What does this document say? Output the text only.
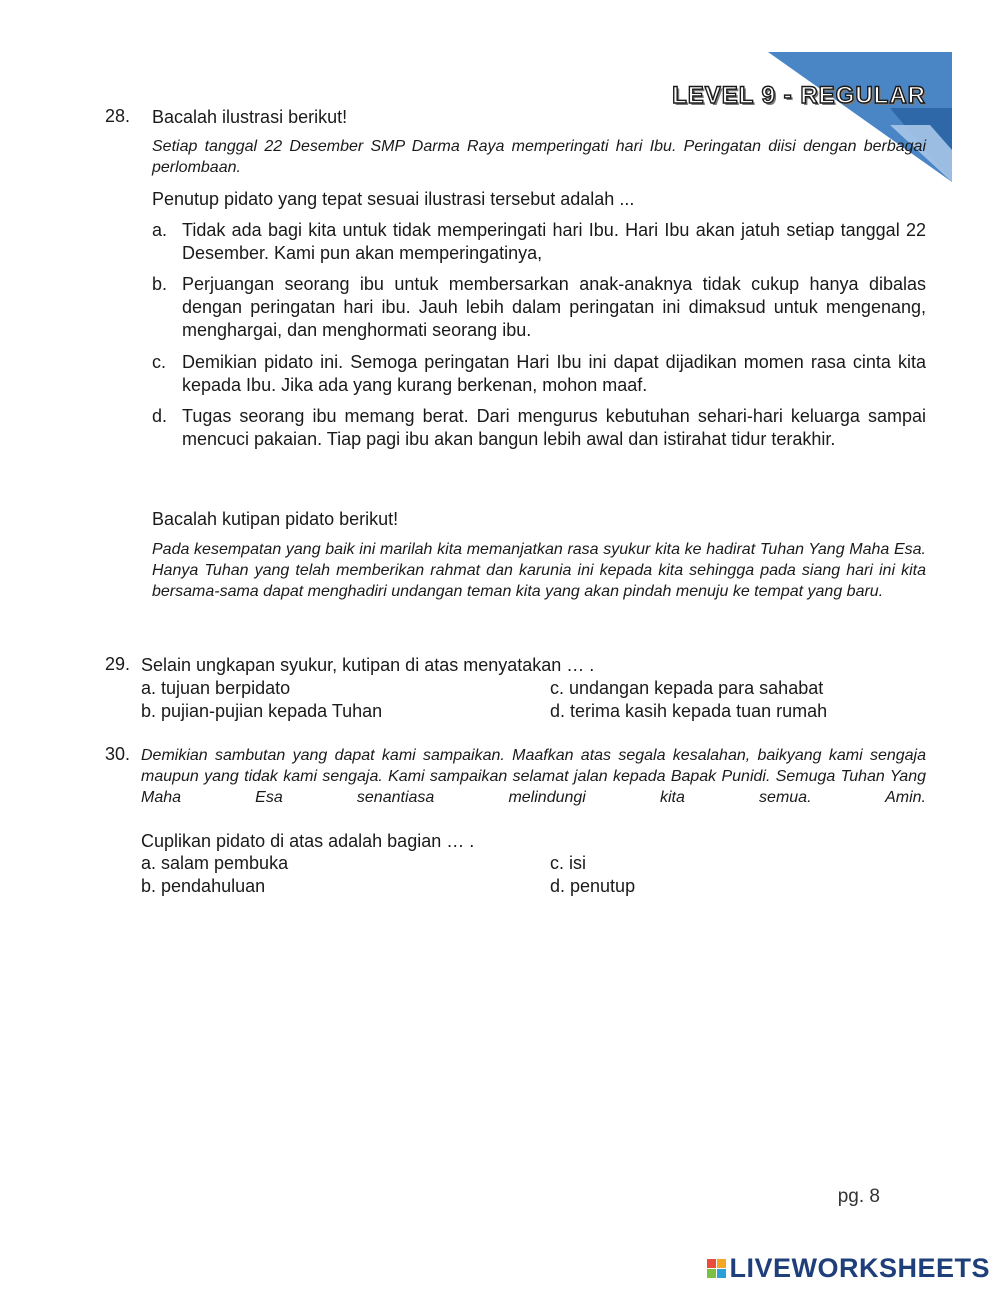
LEVEL 9 - REGULAR
28. Bacalah ilustrasi berikut!
Setiap tanggal 22 Desember SMP Darma Raya memperingati hari Ibu. Peringatan diisi dengan berbagai perlombaan.
Penutup pidato yang tepat sesuai ilustrasi tersebut adalah ...
a. Tidak ada bagi kita untuk tidak memperingati hari Ibu. Hari Ibu akan jatuh setiap tanggal 22 Desember. Kami pun akan memperingatinya,
b. Perjuangan seorang ibu untuk membersarkan anak-anaknya tidak cukup hanya dibalas dengan peringatan hari ibu. Jauh lebih dalam peringatan ini dimaksud untuk mengenang, menghargai, dan menghormati seorang ibu.
c. Demikian pidato ini. Semoga peringatan Hari Ibu ini dapat dijadikan momen rasa cinta kita kepada Ibu. Jika ada yang kurang berkenan, mohon maaf.
d. Tugas seorang ibu memang berat. Dari mengurus kebutuhan sehari-hari keluarga sampai mencuci pakaian. Tiap pagi ibu akan bangun lebih awal dan istirahat tidur terakhir.
Bacalah kutipan pidato berikut!
Pada kesempatan yang baik ini marilah kita memanjatkan rasa syukur kita ke hadirat Tuhan Yang Maha Esa. Hanya Tuhan yang telah memberikan rahmat dan karunia ini kepada kita sehingga pada siang hari ini kita bersama-sama dapat menghadiri undangan teman kita yang akan pindah menuju ke tempat yang baru.
29. Selain ungkapan syukur, kutipan di atas menyatakan … .
a. tujuan berpidato
b. pujian-pujian kepada Tuhan
c. undangan kepada para sahabat
d. terima kasih kepada tuan rumah
30. Demikian sambutan yang dapat kami sampaikan. Maafkan atas segala kesalahan, baikyang kami sengaja maupun yang tidak kami sengaja. Kami sampaikan selamat jalan kepada Bapak Punidi. Semuga Tuhan Yang Maha Esa senantiasa melindungi kita semua. Amin.
Cuplikan pidato di atas adalah bagian … .
a. salam pembuka
b. pendahuluan
c. isi
d. penutup
pg. 8
LIVEWORKSHEETS
